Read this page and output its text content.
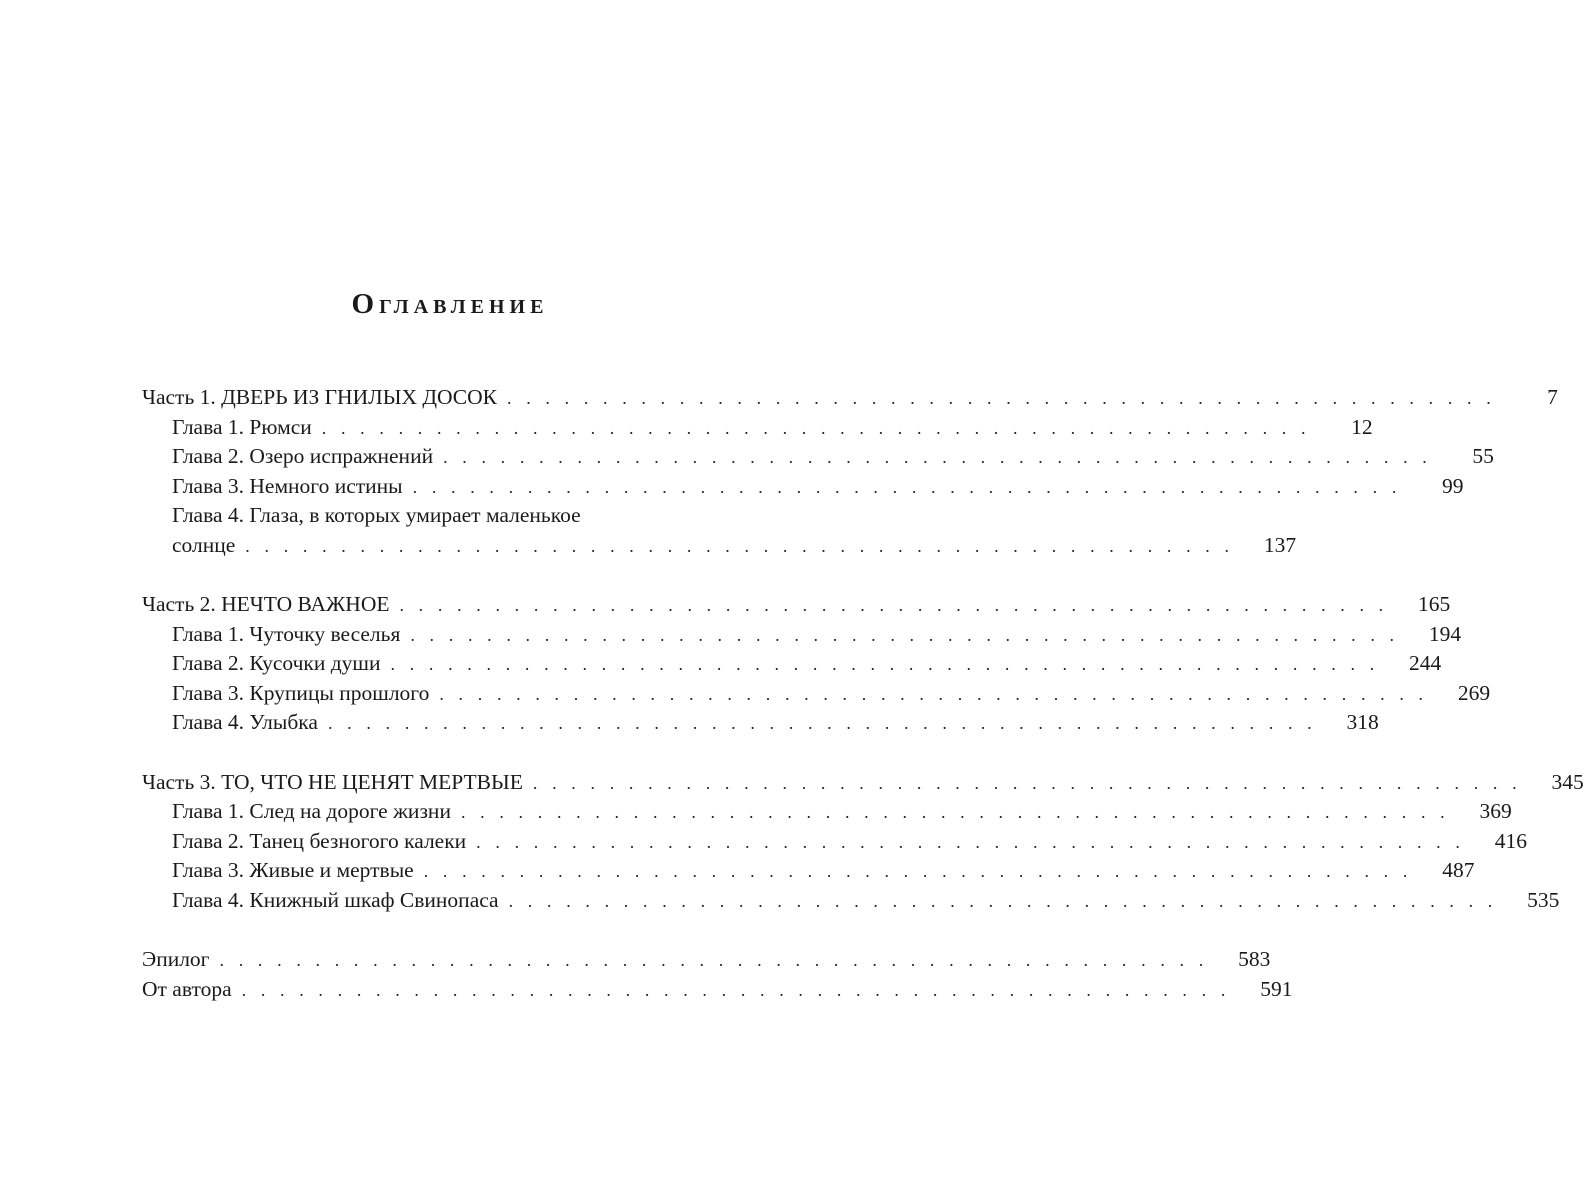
Оглавление
Часть 1. ДВЕРЬ ИЗ ГНИЛЫХ ДОСОК . . . . . . . . . . . . . . . . . . . . . . . . . . . . . . . . . . . . . . . . . . . . . . . . . . . .	7
Глава 1. Рюмси . . . . . . . . . . . . . . . . . . . . . . . . . . . . . . . . . . . . . . . . . . . . . . . . . . . .	12
Глава 2. Озеро испражнений . . . . . . . . . . . . . . . . . . . . . . . . . . . . . . . . . . . . . . . . . . . . . . . . . . . .	55
Глава 3. Немного истины . . . . . . . . . . . . . . . . . . . . . . . . . . . . . . . . . . . . . . . . . . . . . . . . . . . .	99
Глава 4. Глаза, в которых умирает маленькое
солнце . . . . . . . . . . . . . . . . . . . . . . . . . . . . . . . . . . . . . . . . . . . . . . . . . . . .	137
Часть 2. НЕЧТО ВАЖНОЕ . . . . . . . . . . . . . . . . . . . . . . . . . . . . . . . . . . . . . . . . . . . . . . . . . . . .	165
Глава 1. Чуточку веселья . . . . . . . . . . . . . . . . . . . . . . . . . . . . . . . . . . . . . . . . . . . . . . . . . . . .	194
Глава 2. Кусочки души . . . . . . . . . . . . . . . . . . . . . . . . . . . . . . . . . . . . . . . . . . . . . . . . . . . .	244
Глава 3. Крупицы прошлого . . . . . . . . . . . . . . . . . . . . . . . . . . . . . . . . . . . . . . . . . . . . . . . . . . . .	269
Глава 4. Улыбка . . . . . . . . . . . . . . . . . . . . . . . . . . . . . . . . . . . . . . . . . . . . . . . . . . . .	318
Часть 3. ТО, ЧТО НЕ ЦЕНЯТ МЕРТВЫЕ . . . . . . . . . . . . . . . . . . . . . . . . . . . . . . . . . . . . . . . . . . . . . . . . . . . .	345
Глава 1. След на дороге жизни . . . . . . . . . . . . . . . . . . . . . . . . . . . . . . . . . . . . . . . . . . . . . . . . . . . .	369
Глава 2. Танец безногого калеки . . . . . . . . . . . . . . . . . . . . . . . . . . . . . . . . . . . . . . . . . . . . . . . . . . . .	416
Глава 3. Живые и мертвые . . . . . . . . . . . . . . . . . . . . . . . . . . . . . . . . . . . . . . . . . . . . . . . . . . . .	487
Глава 4. Книжный шкаф Свинопаса . . . . . . . . . . . . . . . . . . . . . . . . . . . . . . . . . . . . . . . . . . . . . . . . . . . .	535
Эпилог . . . . . . . . . . . . . . . . . . . . . . . . . . . . . . . . . . . . . . . . . . . . . . . . . . . .	583
От автора . . . . . . . . . . . . . . . . . . . . . . . . . . . . . . . . . . . . . . . . . . . . . . . . . . . .	591
